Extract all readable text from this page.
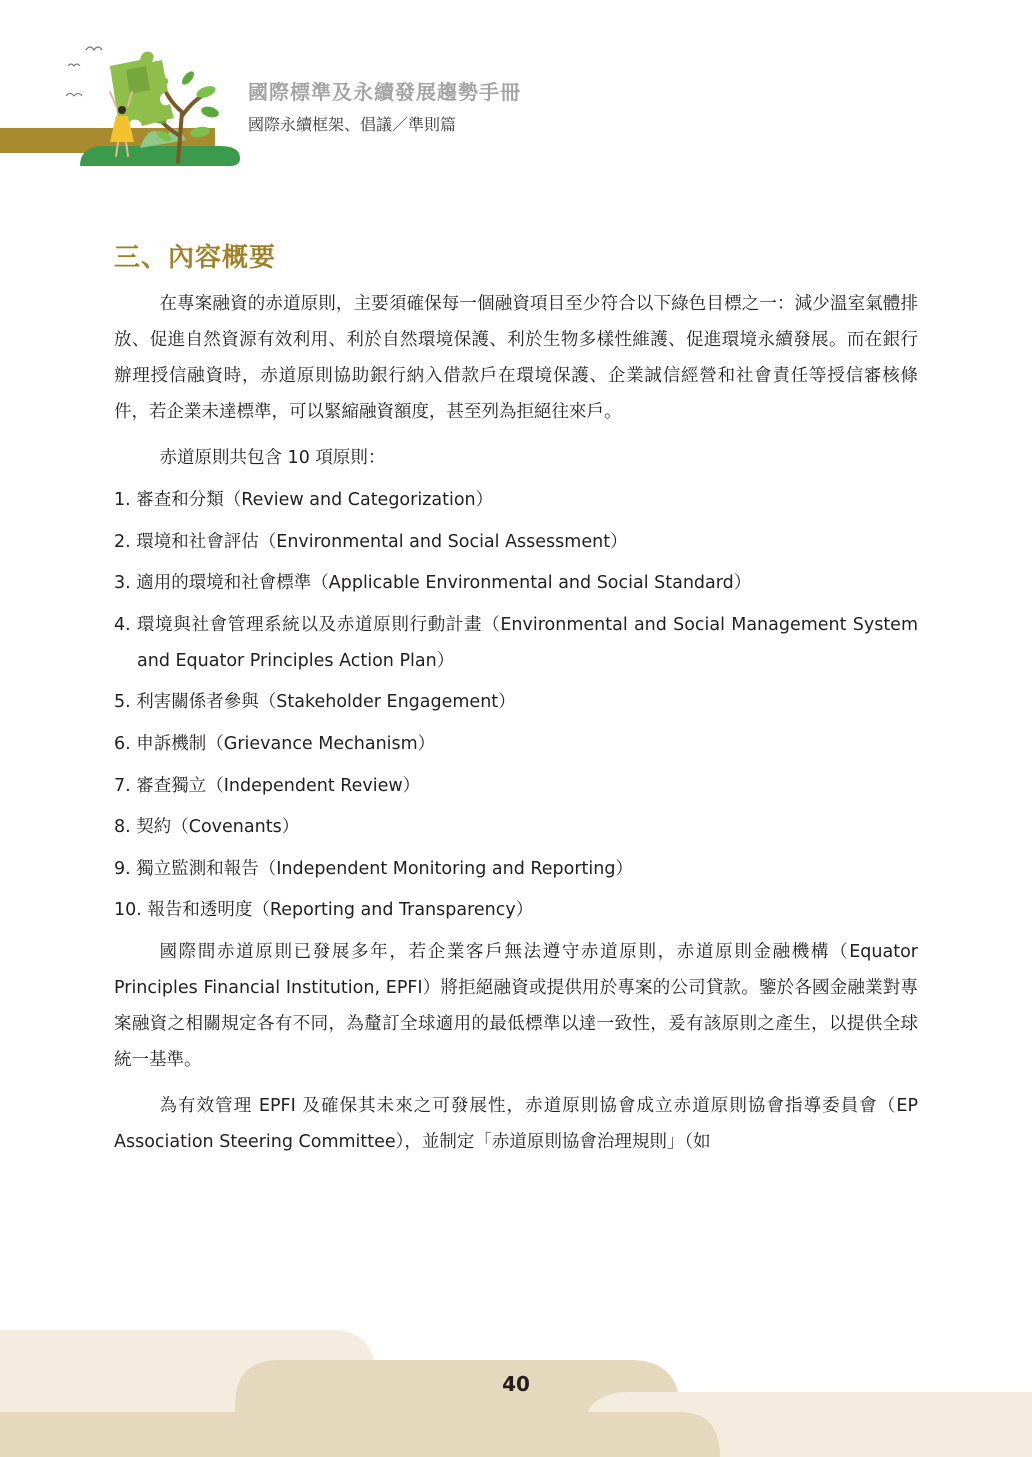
國際標準及永續發展趨勢手冊
國際永續框架、倡議／準則篇
三、內容概要

在專案融資的赤道原則，主要須確保每一個融資項目至少符合以下綠色目標之一：減少溫室氣體排放、促進自然資源有效利用、利於自然環境保護、利於生物多樣性維護、促進環境永續發展。而在銀行辦理授信融資時，赤道原則協助銀行納入借款戶在環境保護、企業誠信經營和社會責任等授信審核條件，若企業未達標準，可以緊縮融資額度，甚至列為拒絕往來戶。

赤道原則共包含 10 項原則：

1. 審查和分類（Review and Categorization）
2. 環境和社會評估（Environmental and Social Assessment）
3. 適用的環境和社會標準（Applicable Environmental and Social Standard）
4. 環境與社會管理系統以及赤道原則行動計畫（Environmental and Social Management System and Equator Principles Action Plan）
5. 利害關係者參與（Stakeholder Engagement）
6. 申訴機制（Grievance Mechanism）
7. 審查獨立（Independent Review）
8. 契約（Covenants）
9. 獨立監測和報告（Independent Monitoring and Reporting）
10. 報告和透明度（Reporting and Transparency）

國際間赤道原則已發展多年，若企業客戶無法遵守赤道原則，赤道原則金融機構（Equator Principles Financial Institution, EPFI）將拒絕融資或提供用於專案的公司貸款。鑒於各國金融業對專案融資之相關規定各有不同，為釐訂全球適用的最低標準以達一致性，爰有該原則之產生，以提供全球統一基準。

為有效管理 EPFI 及確保其未來之可發展性，赤道原則協會成立赤道原則協會指導委員會（EP Association Steering Committee），並制定「赤道原則協會治理規則」（如

40
